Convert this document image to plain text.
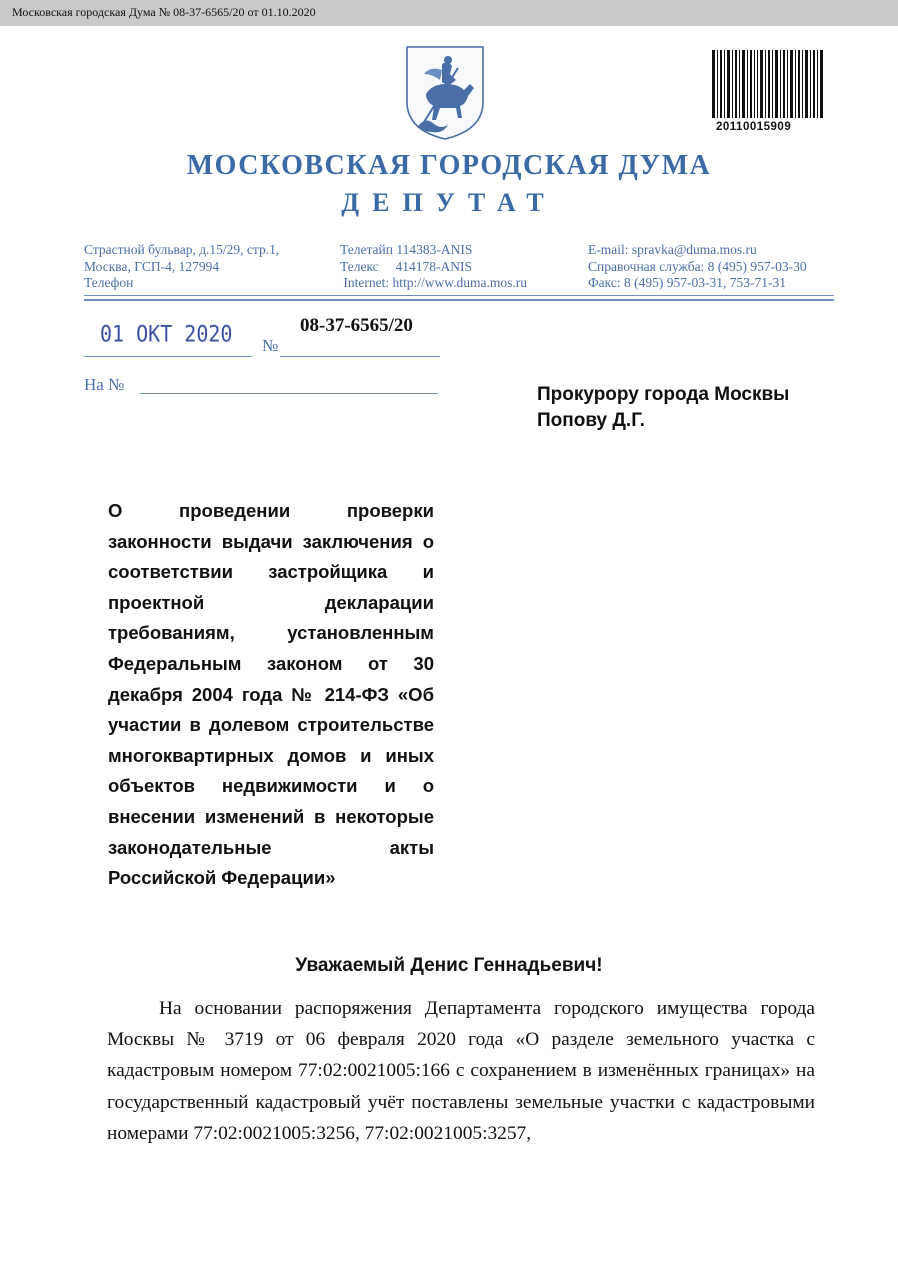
Московская городская Дума № 08-37-6565/20 от 01.10.2020
20110015909
МОСКОВСКАЯ ГОРОДСКАЯ ДУМА
ДЕПУТАТ
Страстной бульвар, д.15/29, стр.1,
Москва, ГСП-4, 127994
Телефон
Телетайп 114383-ANIS
Телекс     414178-ANIS
Internet: http://www.duma.mos.ru
E-mail: spravka@duma.mos.ru
Справочная служба: 8 (495) 957-03-30
Факс: 8 (495) 957-03-31, 753-71-31
01 ОКТ 2020 №
08-37-6565/20
На №	Прокурору города Москвы
Попову Д.Г.
О проведении проверки законности выдачи заключения о соответствии застройщика и проектной декларации требованиям, установленным Федеральным законом от 30 декабря 2004 года № 214-ФЗ «Об участии в долевом строительстве многоквартирных домов и иных объектов недвижимости и о внесении изменений в некоторые законодательные акты Российской Федерации»
Уважаемый Денис Геннадьевич!
На основании распоряжения Департамента городского имущества города Москвы № 3719 от 06 февраля 2020 года «О разделе земельного участка с кадастровым номером 77:02:0021005:166 с сохранением в изменённых границах» на государственный кадастровый учёт поставлены земельные участки с кадастровыми номерами 77:02:0021005:3256, 77:02:0021005:3257,
